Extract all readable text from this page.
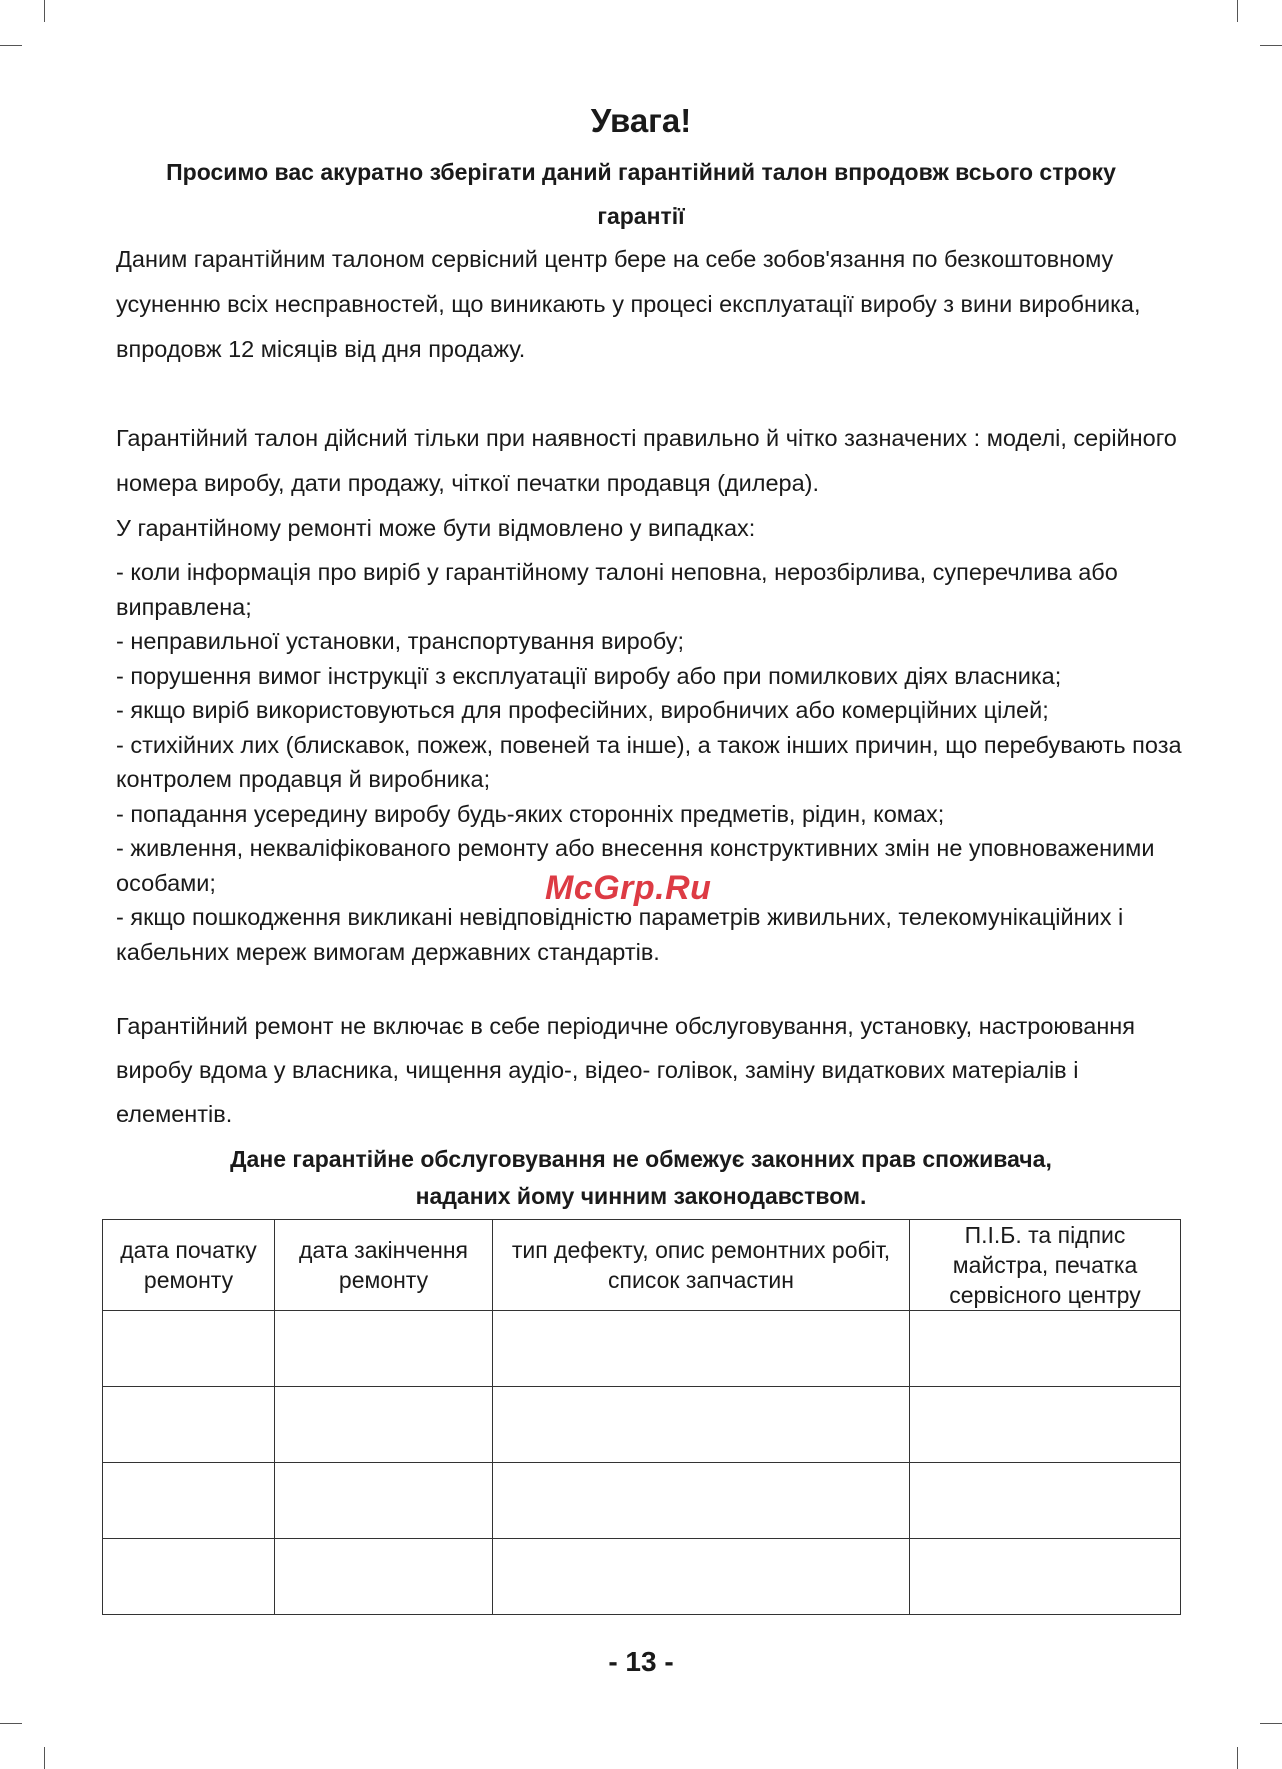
Увага!

Просимо вас акуратно зберігати даний гарантійний талон впродовж всього строку гарантії

Даним гарантійним талоном сервісний центр бере на себе зобов'язання по безкоштовному усуненню всіх несправностей, що виникають у процесі експлуатації виробу з вини виробника, впродовж 12 місяців від дня продажу.

Гарантійний талон дійсний тільки при наявності правильно й чітко зазначених : моделі, серійного номера виробу, дати продажу, чіткої печатки продавця (дилера).

У гарантійному ремонті може бути відмовлено у випадках:

- коли інформація про виріб у гарантійному талоні неповна, нерозбірлива, суперечлива або виправлена;
- неправильної установки, транспортування виробу;
- порушення вимог інструкції з експлуатації виробу або при помилкових діях власника;
- якщо виріб використовуються для професійних, виробничих або комерційних цілей;
- стихійних лих (блискавок, пожеж, повеней та інше), а також інших причин, що перебувають поза контролем продавця й виробника;
- попадання усередину виробу будь-яких сторонніх предметів, рідин, комах;
- живлення, некваліфікованого ремонту або внесення конструктивних змін не уповноваженими особами;
- якщо пошкодження викликані невідповідністю параметрів живильних, телекомунікаційних і кабельних мереж вимогам державних стандартів.

Гарантійний ремонт не включає в себе періодичне обслуговування, установку, настроювання виробу вдома у власника, чищення аудіо-, відео- голівок, заміну видаткових матеріалів і елементів.

Дане гарантійне обслуговування не обмежує законних прав споживача,
наданих йому чинним законодавством.

McGrp.Ru
дата початку ремонту	дата закінчення ремонту	тип дефекту, опис ремонтних робіт, список запчастин	П.І.Б. та підпис майстра, печатка сервісного центру

- 13 -
